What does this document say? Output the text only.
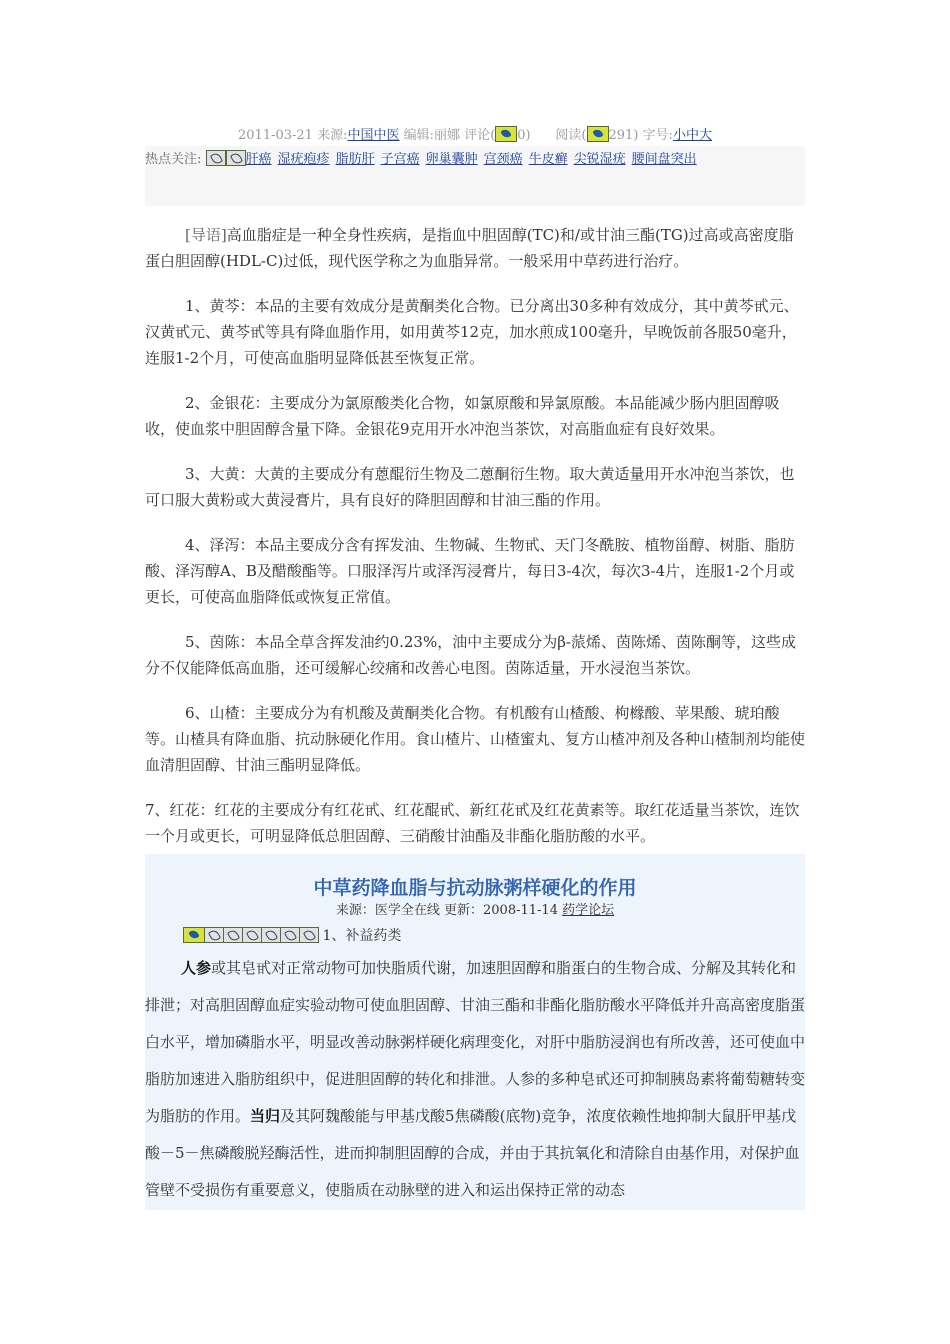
2011-03-21 来源:中国中医 编辑:丽娜 评论( 0) 阅读( 291) 字号:小中大
热点关注:	肝癌 湿疣疱疹 脂肪肝 子宫癌 卵巢囊肿 宫颈癌 牛皮癣 尖锐湿疣 腰间盘突出

[导语]高血脂症是一种全身性疾病，是指血中胆固醇(TC)和/或甘油三酯(TG)过高或高密度脂蛋白胆固醇(HDL-C)过低，现代医学称之为血脂异常。一般采用中草药进行治疗。

1、黄芩：本品的主要有效成分是黄酮类化合物。已分离出30多种有效成分，其中黄芩甙元、汉黄甙元、黄芩甙等具有降血脂作用，如用黄芩12克，加水煎成100毫升，早晚饭前各服50毫升，连服1-2个月，可使高血脂明显降低甚至恢复正常。

2、金银花：主要成分为氯原酸类化合物，如氯原酸和异氯原酸。本品能减少肠内胆固醇吸收，使血浆中胆固醇含量下降。金银花9克用开水冲泡当茶饮，对高脂血症有良好效果。

3、大黄：大黄的主要成分有蒽醌衍生物及二蒽酮衍生物。取大黄适量用开水冲泡当茶饮，也可口服大黄粉或大黄浸膏片，具有良好的降胆固醇和甘油三酯的作用。

4、泽泻：本品主要成分含有挥发油、生物碱、生物甙、天门冬酰胺、植物甾醇、树脂、脂肪酸、泽泻醇A、B及醋酸酯等。口服泽泻片或泽泻浸膏片，每日3-4次，每次3-4片，连服1-2个月或更长，可使高血脂降低或恢复正常值。

5、茵陈：本品全草含挥发油约0.23%，油中主要成分为β-蒎烯、茵陈烯、茵陈酮等，这些成分不仅能降低高血脂，还可缓解心绞痛和改善心电图。茵陈适量，开水浸泡当茶饮。

6、山楂：主要成分为有机酸及黄酮类化合物。有机酸有山楂酸、枸橼酸、苹果酸、琥珀酸等。山楂具有降血脂、抗动脉硬化作用。食山楂片、山楂蜜丸、复方山楂冲剂及各种山楂制剂均能使血清胆固醇、甘油三酯明显降低。

7、红花：红花的主要成分有红花甙、红花醌甙、新红花甙及红花黄素等。取红花适量当茶饮，连饮一个月或更长，可明显降低总胆固醇、三硝酸甘油酯及非酯化脂肪酸的水平。

中草药降血脂与抗动脉粥样硬化的作用
来源：医学全在线 更新：2008-11-14 药学论坛
1、补益药类
人参或其皂甙对正常动物可加快脂质代谢，加速胆固醇和脂蛋白的生物合成、分解及其转化和排泄；对高胆固醇血症实验动物可使血胆固醇、甘油三酯和非酯化脂肪酸水平降低并升高高密度脂蛋白水平，增加磷脂水平，明显改善动脉粥样硬化病理变化，对肝中脂肪浸润也有所改善，还可使血中脂肪加速进入脂肪组织中，促进胆固醇的转化和排泄。人参的多种皂甙还可抑制胰岛素将葡萄糖转变为脂肪的作用。当归及其阿魏酸能与甲基戊酸5焦磷酸(底物)竞争，浓度依赖性地抑制大鼠肝甲基戊酸－5－焦磷酸脱羟酶活性，进而抑制胆固醇的合成，并由于其抗氧化和清除自由基作用，对保护血管壁不受损伤有重要意义，使脂质在动脉壁的进入和运出保持正常的动态
